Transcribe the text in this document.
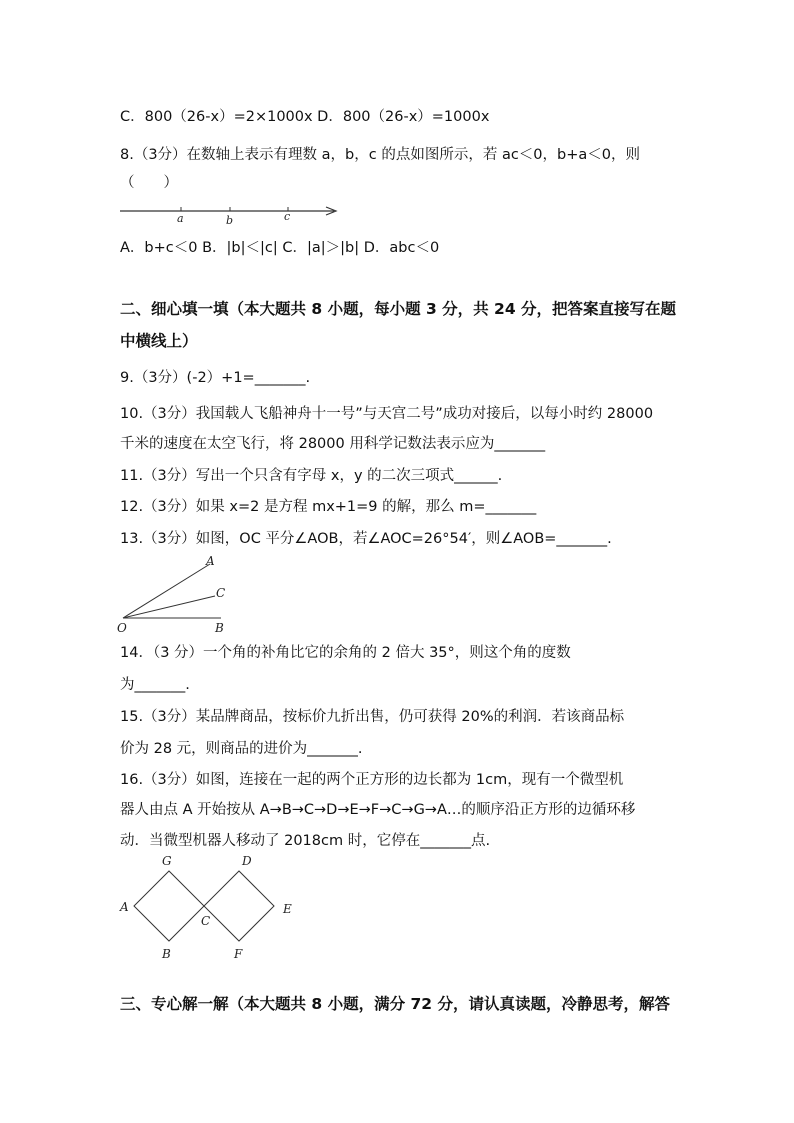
C．800（26-x）=2×1000x D．800（26-x）=1000x
8.（3分）在数轴上表示有理数 a，b，c 的点如图所示，若 ac＜0，b+a＜0，则
（　　）
a	b	c
A．b+c＜0 B．|b|＜|c| C．|a|＞|b| D．abc＜0
二、细心填一填（本大题共 8 小题，每小题 3 分，共 24 分，把答案直接写在题
中横线上）
9.（3分）(-2）+1=_______.
10.（3分）我国载人飞船神舟十一号”与天宫二号”成功对接后，以每小时约 28000
千米的速度在太空飞行，将 28000 用科学记数法表示应为_______
11.（3分）写出一个只含有字母 x，y 的二次三项式______.
12.（3分）如果 x=2 是方程 mx+1=9 的解，那么 m=_______
13.（3分）如图，OC 平分∠AOB，若∠AOC=26°54′，则∠AOB=_______.
A
C
O	B
14．（3 分）一个角的补角比它的余角的 2 倍大 35°，则这个角的度数
为_______.
15.（3分）某品牌商品，按标价九折出售，仍可获得 20%的利润．若该商品标
价为 28 元，则商品的进价为_______.
16.（3分）如图，连接在一起的两个正方形的边长都为 1cm，现有一个微型机
器人由点 A 开始按从 A→B→C→D→E→F→C→G→A…的顺序沿正方形的边循环移
动．当微型机器人移动了 2018cm 时，它停在_______点.
G	D
A
C
E
B	F
三、专心解一解（本大题共 8 小题，满分 72 分，请认真读题，冷静思考，解答
